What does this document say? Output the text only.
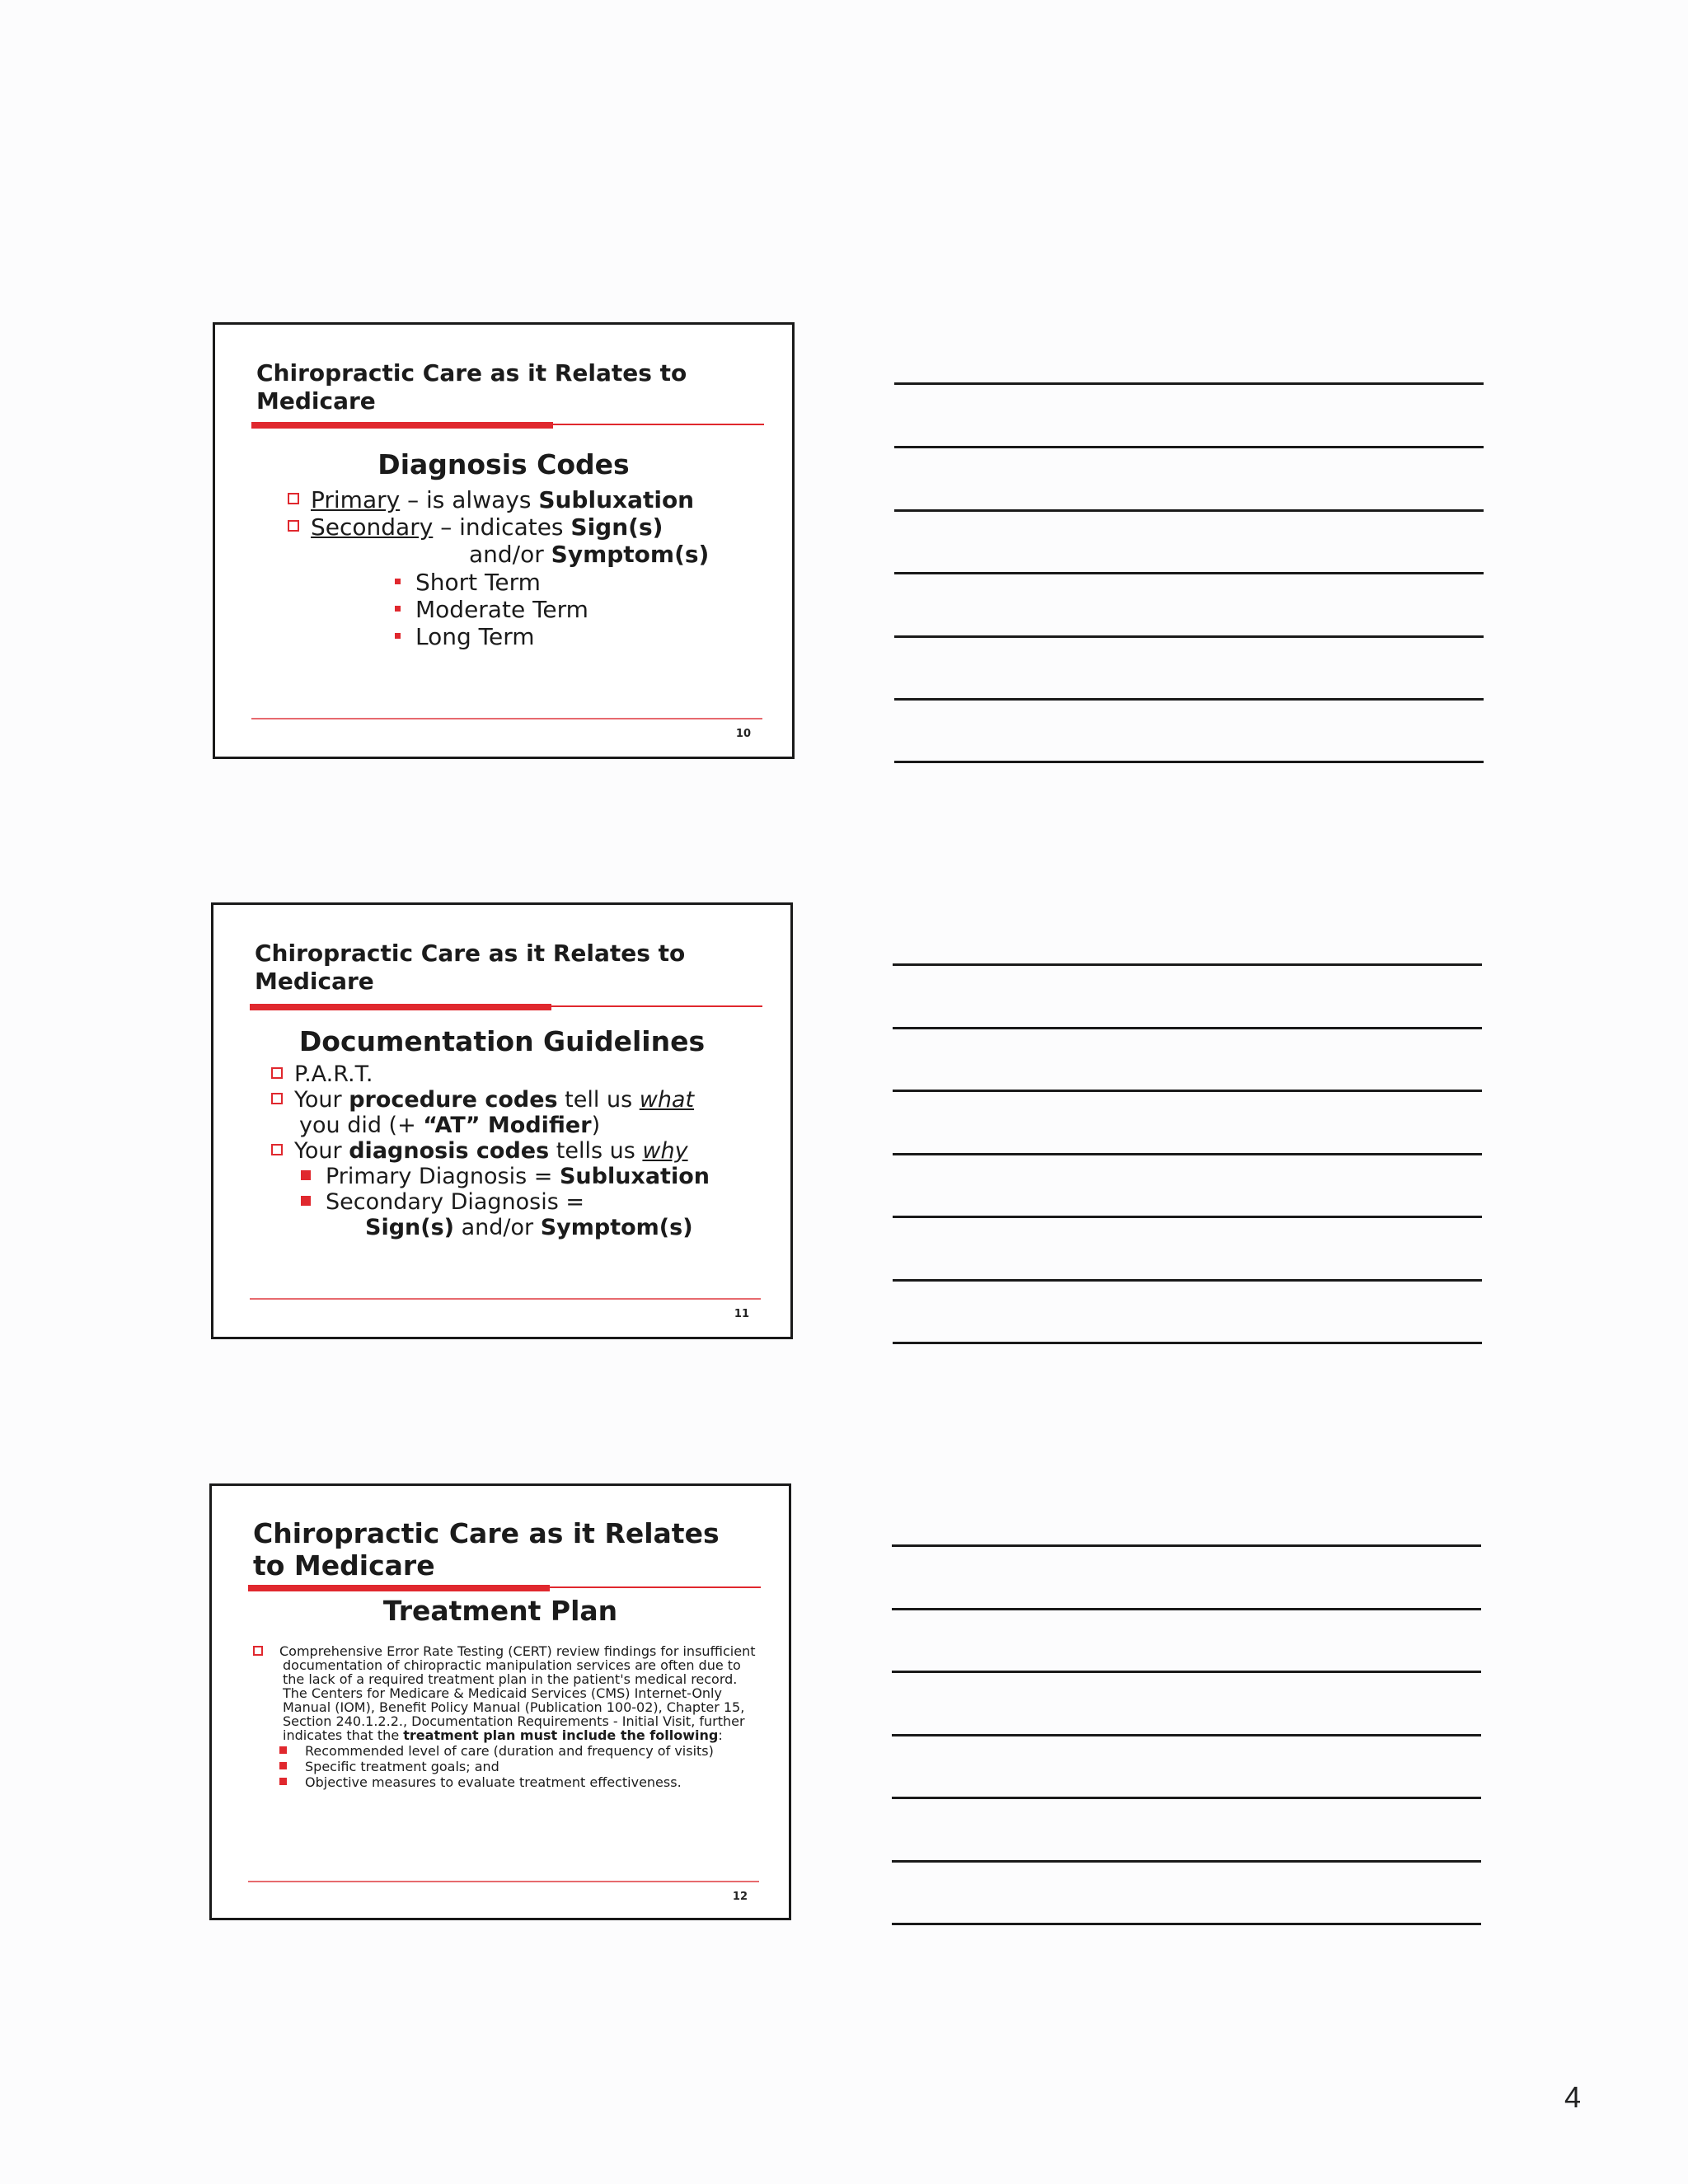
Chiropractic Care as it Relates to Medicare
Diagnosis Codes
Primary – is always Subluxation
Secondary – indicates Sign(s)
and/or Symptom(s)
Short Term
Moderate Term
Long Term
10
Chiropractic Care as it Relates to Medicare
Documentation Guidelines
P.A.R.T.
Your procedure codes tell us what
you did (+ “AT” Modifier)
Your diagnosis codes tells us why
Primary Diagnosis = Subluxation
Secondary Diagnosis =
Sign(s) and/or Symptom(s)
11
Chiropractic Care as it Relates to Medicare
Treatment Plan
Comprehensive Error Rate Testing (CERT) review findings for insufficient documentation of chiropractic manipulation services are often due to the lack of a required treatment plan in the patient's medical record. The Centers for Medicare & Medicaid Services (CMS) Internet-Only Manual (IOM), Benefit Policy Manual (Publication 100-02), Chapter 15, Section 240.1.2.2., Documentation Requirements - Initial Visit, further indicates that the treatment plan must include the following:
Recommended level of care (duration and frequency of visits)
Specific treatment goals; and
Objective measures to evaluate treatment effectiveness.
12
4
